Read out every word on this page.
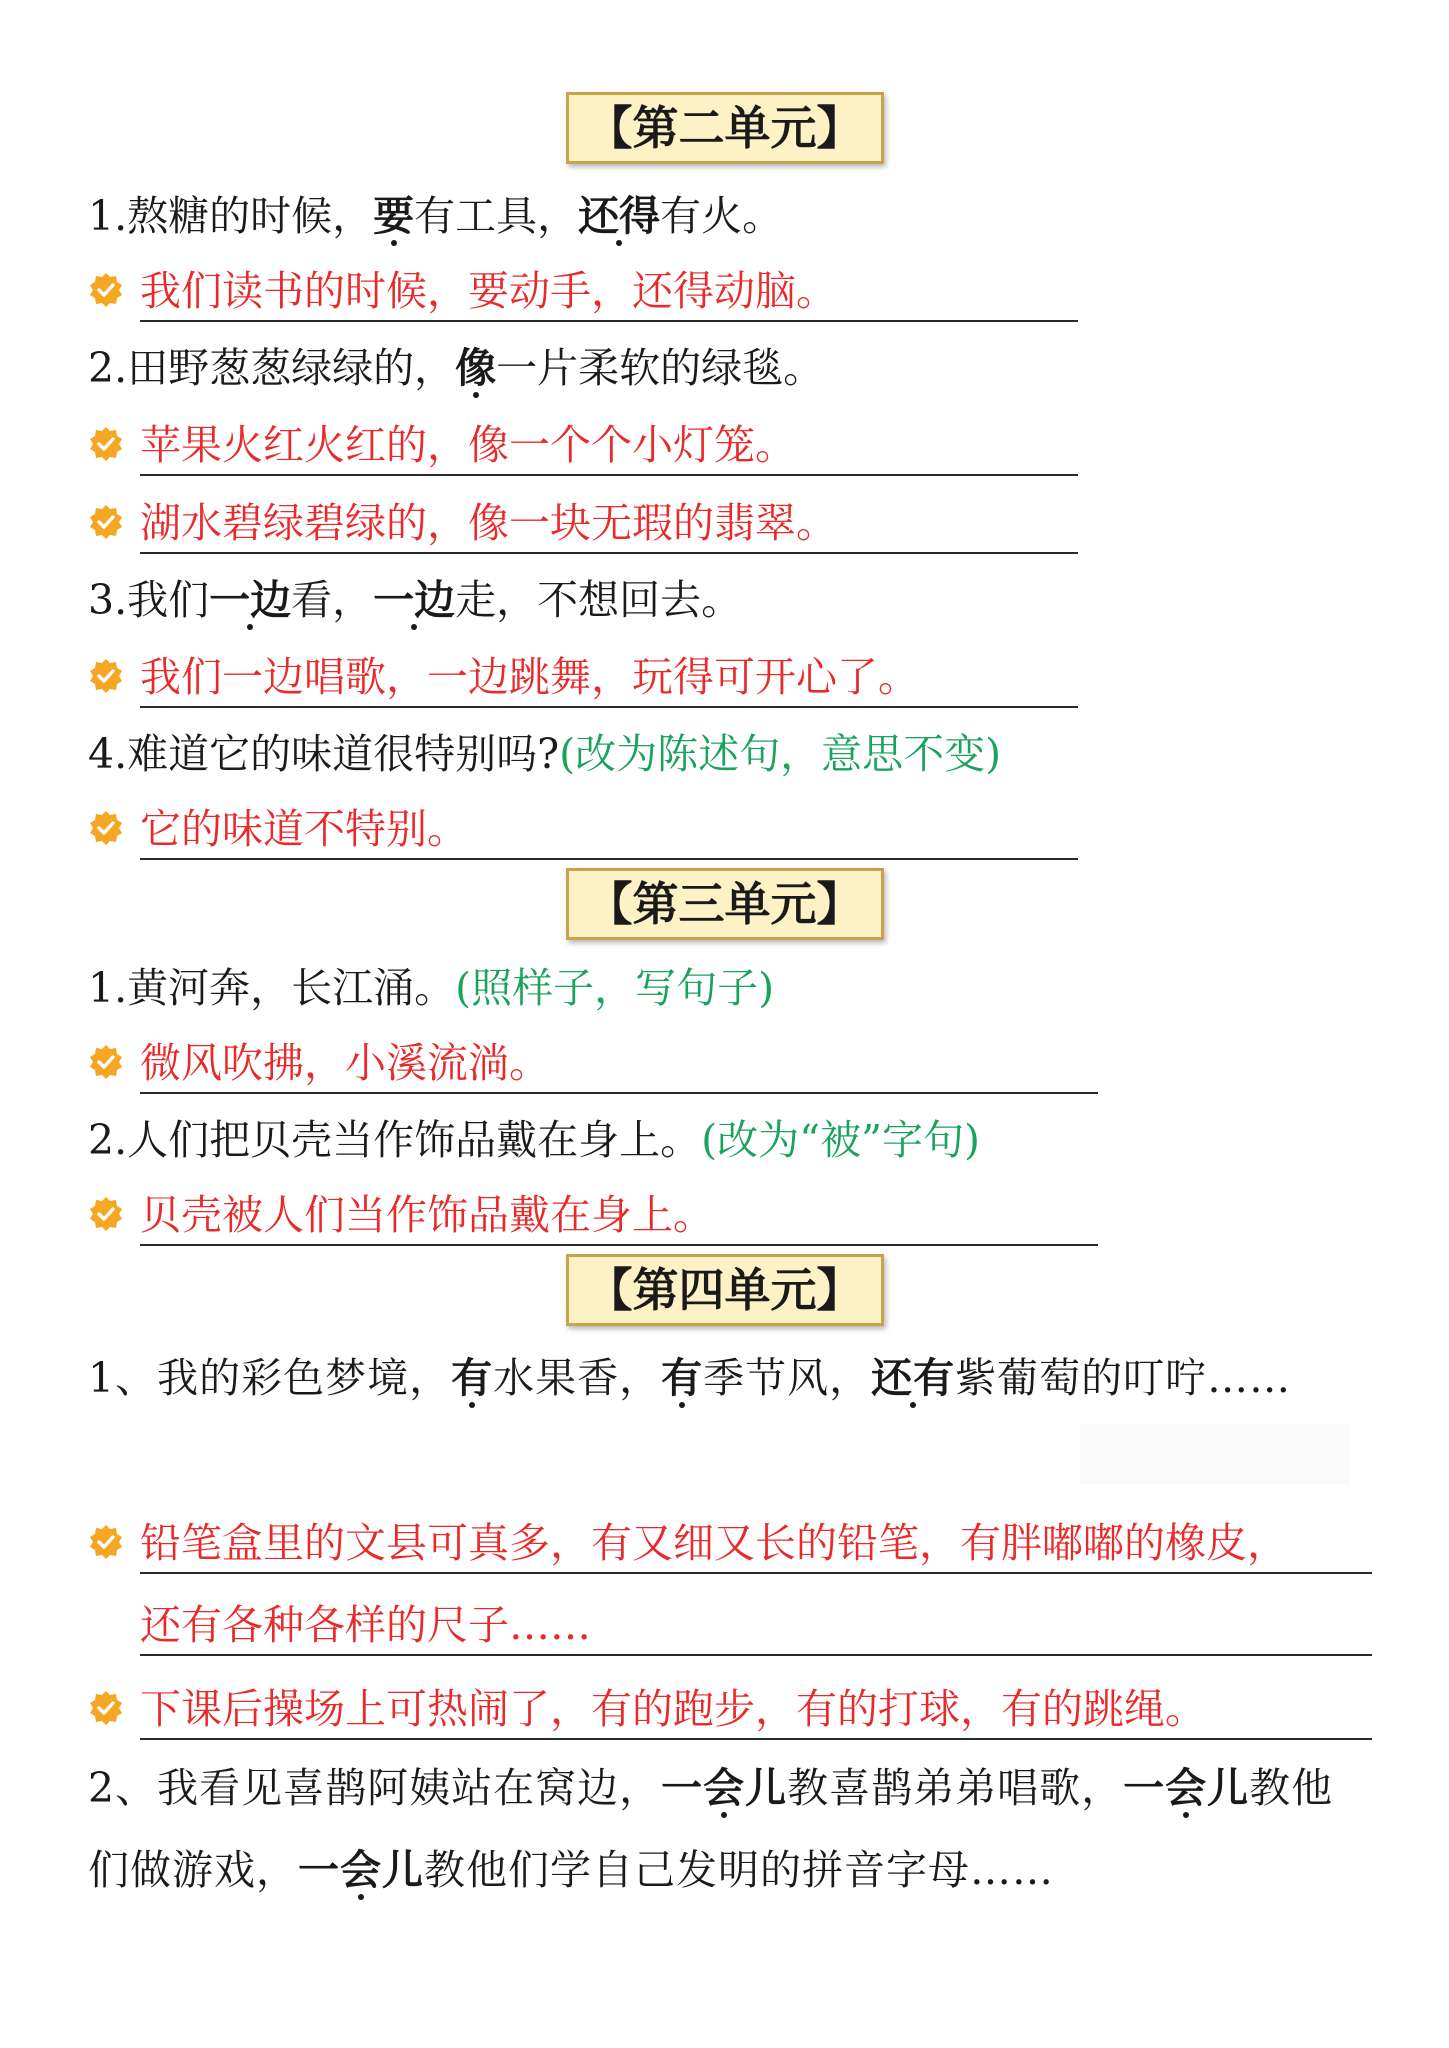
【第二单元】
1.熬糖的时候，要有工具，还得有火。
我们读书的时候，要动手，还得动脑。
2.田野葱葱绿绿的，像一片柔软的绿毯。
苹果火红火红的，像一个个小灯笼。
湖水碧绿碧绿的，像一块无瑕的翡翠。
3.我们一边看，一边走，不想回去。
我们一边唱歌，一边跳舞，玩得可开心了。
4.难道它的味道很特别吗?(改为陈述句，意思不变)
它的味道不特别。
【第三单元】
1.黄河奔，长江涌。(照样子，写句子)
微风吹拂，小溪流淌。
2.人们把贝壳当作饰品戴在身上。(改为“被”字句)
贝壳被人们当作饰品戴在身上。
【第四单元】
1、我的彩色梦境，有水果香，有季节风，还有紫葡萄的叮咛……
铅笔盒里的文县可真多，有又细又长的铅笔，有胖嘟嘟的橡皮，
还有各种各样的尺子……
下课后操场上可热闹了，有的跑步，有的打球，有的跳绳。
2、我看见喜鹊阿姨站在窝边，一会儿教喜鹊弟弟唱歌，一会儿教他
们做游戏，一会儿教他们学自己发明的拼音字母……
